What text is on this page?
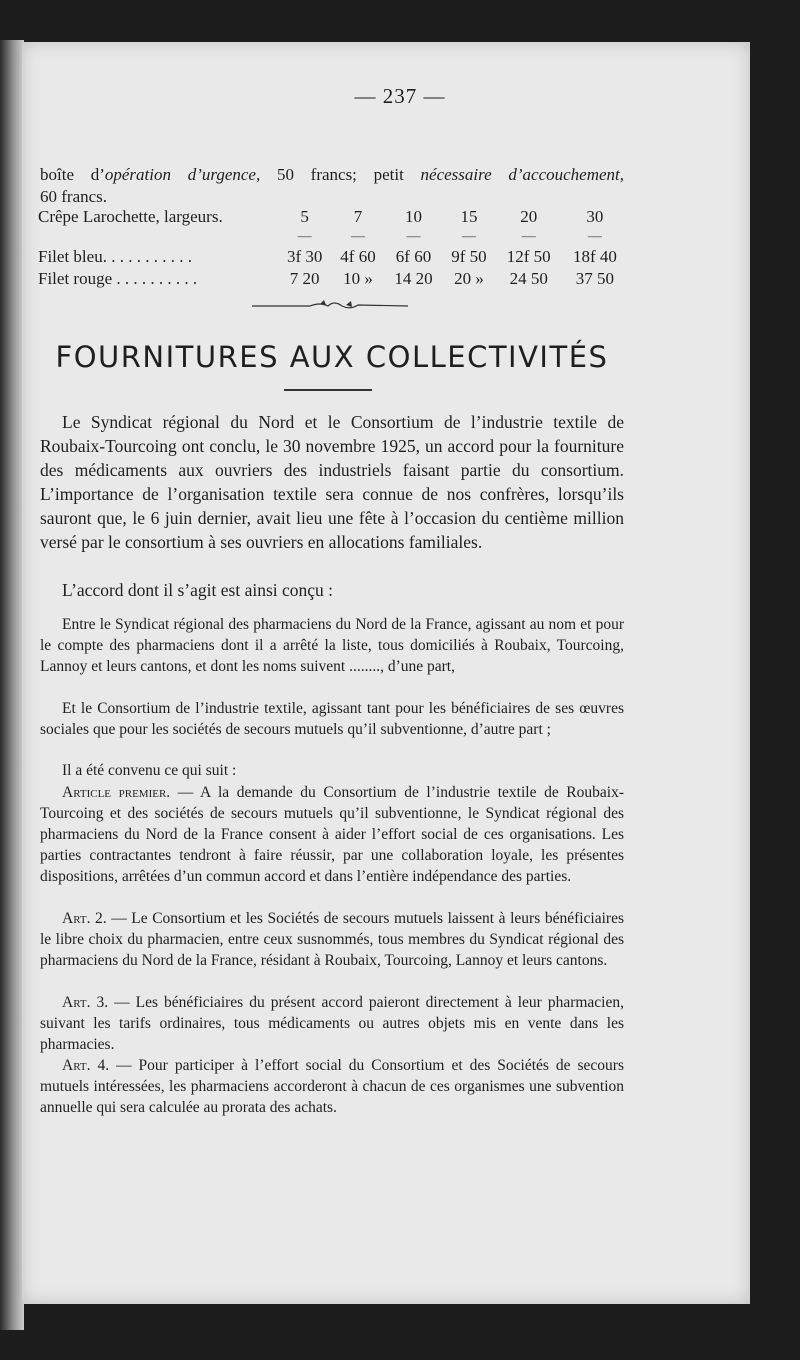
— 237 —
boîte d’opération d’urgence, 50 francs; petit nécessaire d’accouchement,
60 francs.
Crêpe Larochette, largeurs.	5	7	10	15	20	30
	—	—	—	—	—	—
Filet bleu. . . . . . . . . . .	3f 30	4f 60	6f 60	9f 50	12f 50	18f 40
Filet rouge . . . . . . . . . .	7 20	10 »	14 20	20 »	24 50	37 50
FOURNITURES AUX COLLECTIVITÉS
Le Syndicat régional du Nord et le Consortium de l’industrie textile de Roubaix-Tourcoing ont conclu, le 30 novembre 1925, un accord pour la fourniture des médicaments aux ouvriers des industriels faisant partie du consortium. L’importance de l’organisation textile sera connue de nos confrères, lorsqu’ils sauront que, le 6 juin dernier, avait lieu une fête à l’occasion du centième million versé par le consortium à ses ouvriers en allocations familiales.
L’accord dont il s’agit est ainsi conçu :
Entre le Syndicat régional des pharmaciens du Nord de la France, agissant au nom et pour le compte des pharmaciens dont il a arrêté la liste, tous domiciliés à Roubaix, Tourcoing, Lannoy et leurs cantons, et dont les noms suivent ........, d’une part,
Et le Consortium de l’industrie textile, agissant tant pour les bénéficiaires de ses œuvres sociales que pour les sociétés de secours mutuels qu’il subventionne, d’autre part ;
Il a été convenu ce qui suit :
Article premier. — A la demande du Consortium de l’industrie textile de Roubaix-Tourcoing et des sociétés de secours mutuels qu’il subventionne, le Syndicat régional des pharmaciens du Nord de la France consent à aider l’effort social de ces organisations. Les parties contractantes tendront à faire réussir, par une collaboration loyale, les présentes dispositions, arrêtées d’un commun accord et dans l’entière indépendance des parties.
Art. 2. — Le Consortium et les Sociétés de secours mutuels laissent à leurs bénéficiaires le libre choix du pharmacien, entre ceux susnommés, tous membres du Syndicat régional des pharmaciens du Nord de la France, résidant à Roubaix, Tourcoing, Lannoy et leurs cantons.
Art. 3. — Les bénéficiaires du présent accord paieront directement à leur pharmacien, suivant les tarifs ordinaires, tous médicaments ou autres objets mis en vente dans les pharmacies.
Art. 4. — Pour participer à l’effort social du Consortium et des Sociétés de secours mutuels intéressées, les pharmaciens accorderont à chacun de ces organismes une subvention annuelle qui sera calculée au prorata des achats.
